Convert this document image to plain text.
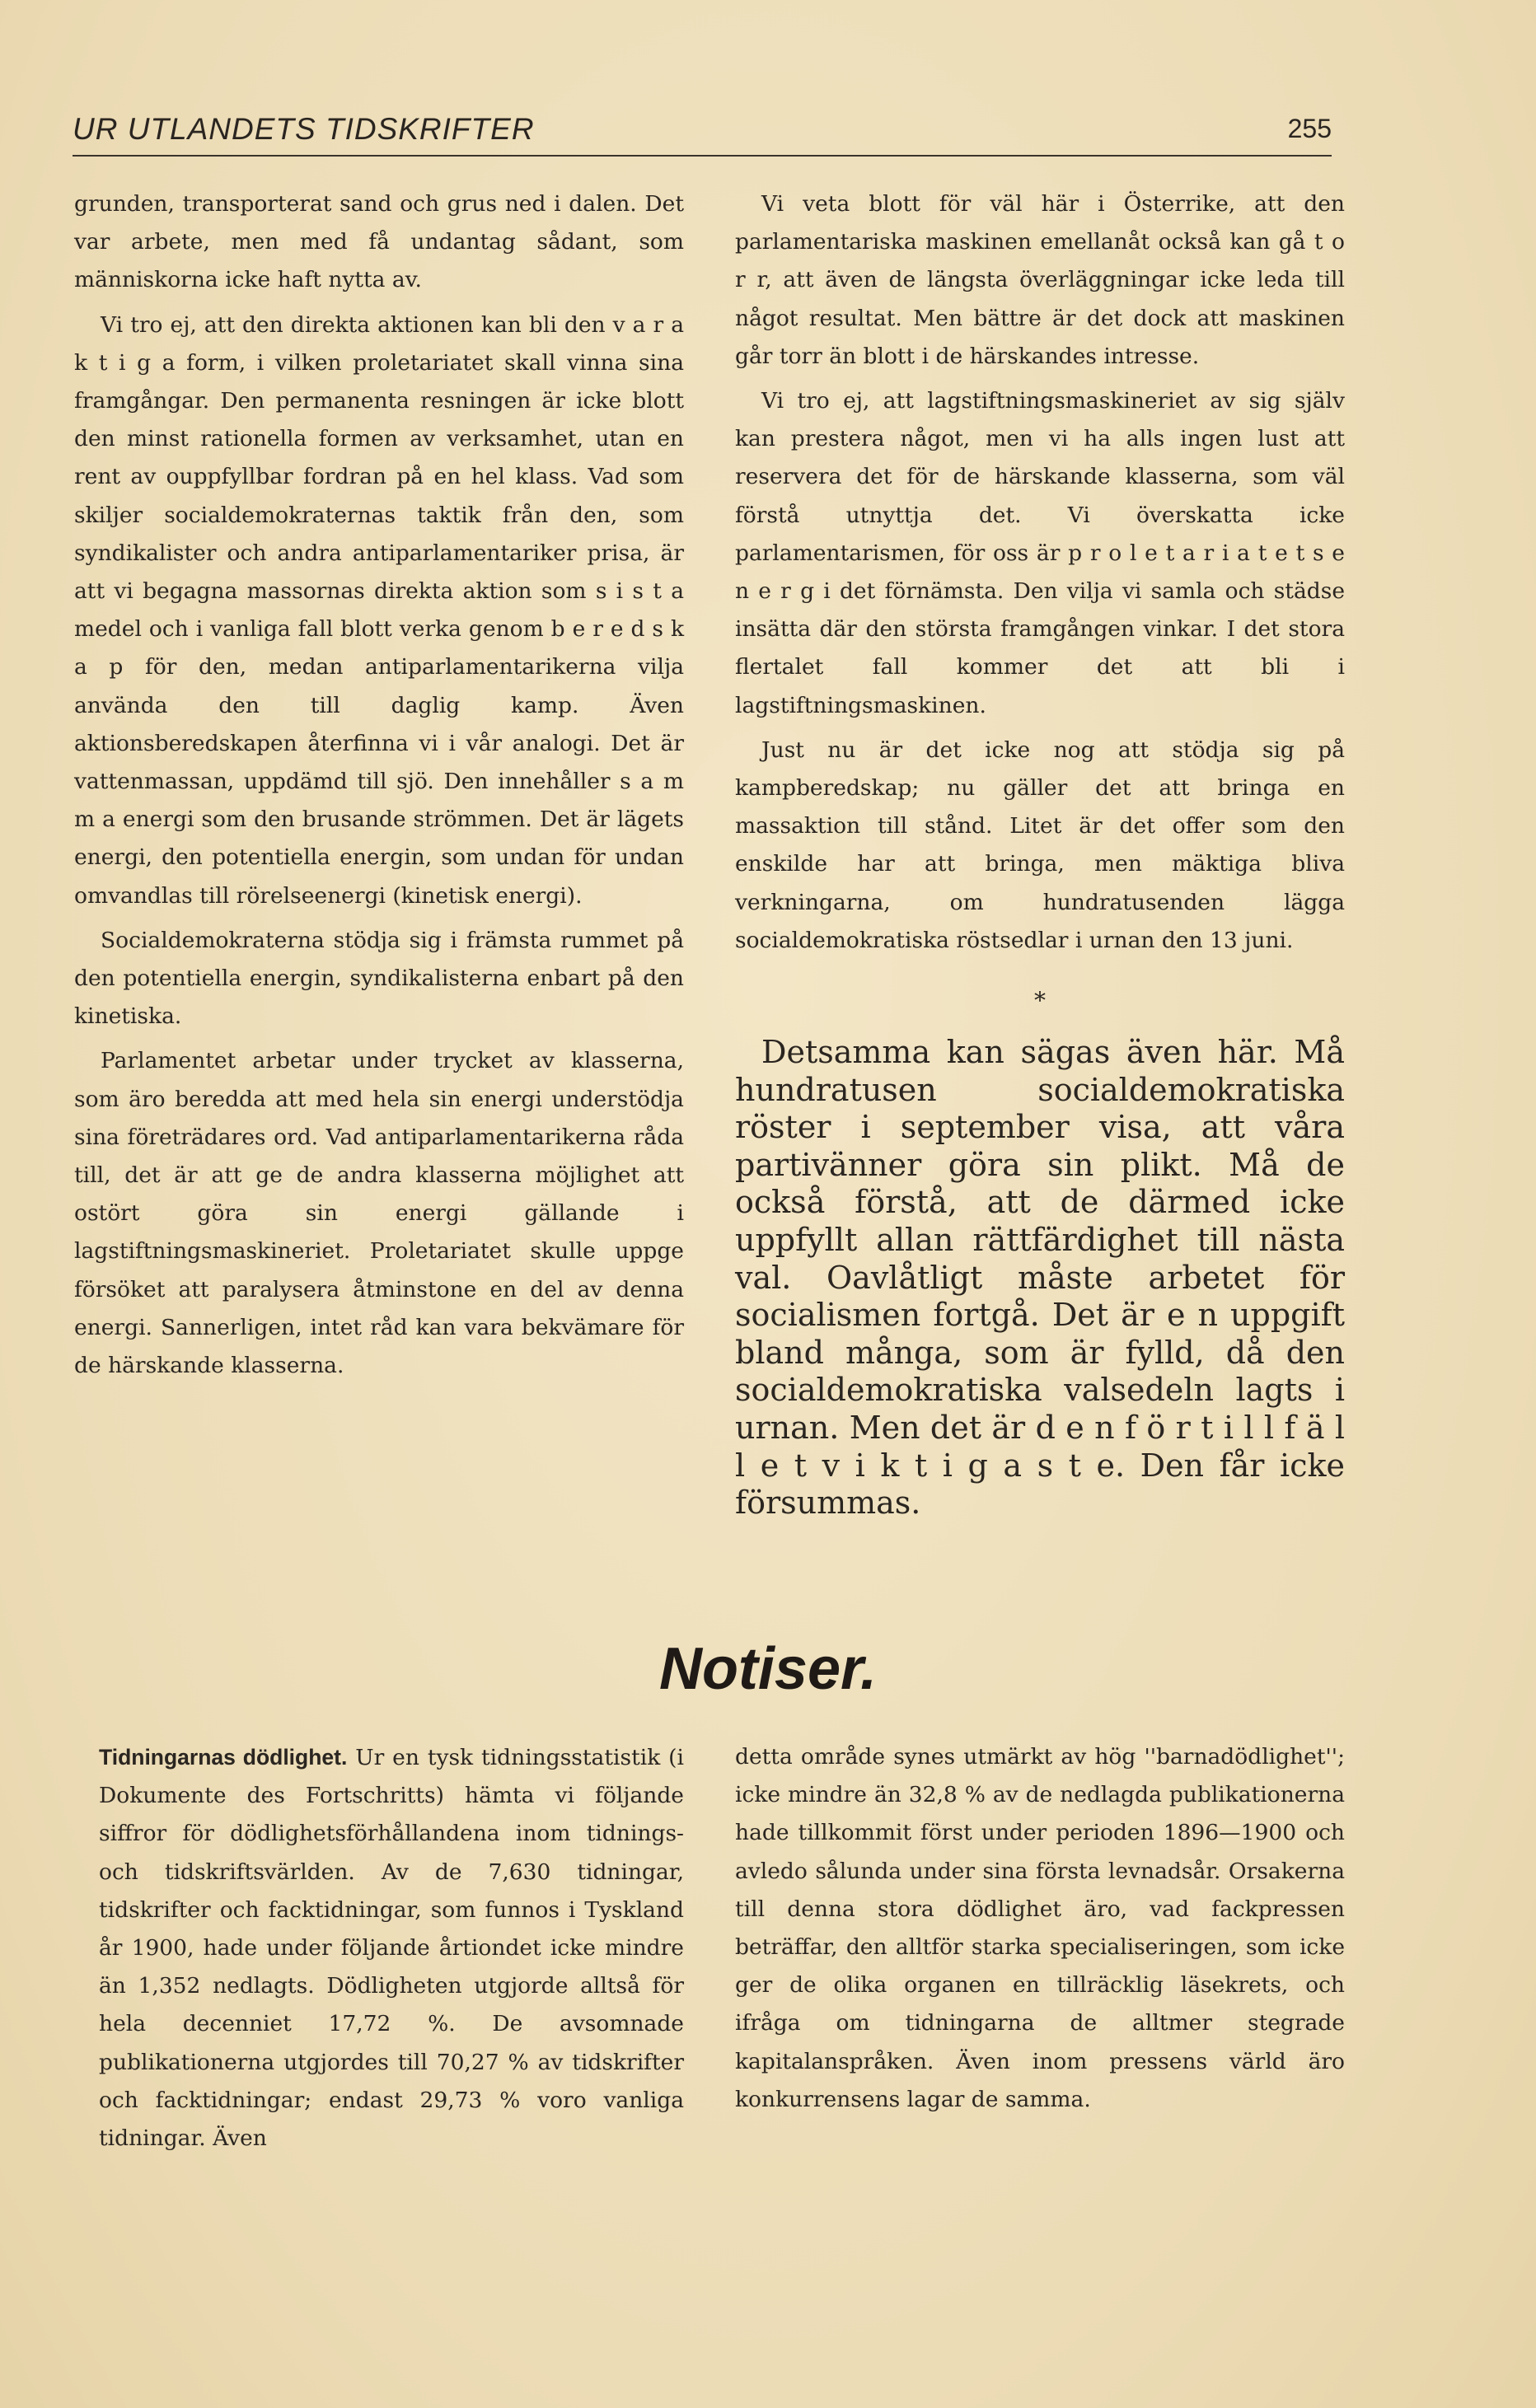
UR UTLANDETS TIDSKRIFTER	255

grunden, transporterat sand och grus ned i dalen. Det var arbete, men med få undantag sådant, som människorna icke haft nytta av.

Vi tro ej, att den direkta aktionen kan bli den v a r a k t i g a form, i vilken proletariatet skall vinna sina framgångar. Den permanenta resningen är icke blott den minst rationella formen av verksamhet, utan en rent av ouppfyllbar fordran på en hel klass. Vad som skiljer socialdemokraternas taktik från den, som syndikalister och andra antiparlamentariker prisa, är att vi begagna massornas direkta aktion som s i s t a medel och i vanliga fall blott verka genom b e r e d s k a p för den, medan antiparlamentarikerna vilja använda den till daglig kamp. Även aktionsberedskapen återfinna vi i vår analogi. Det är vattenmassan, uppdämd till sjö. Den innehåller s a m m a energi som den brusande strömmen. Det är lägets energi, den potentiella energin, som undan för undan omvandlas till rörelseenergi (kinetisk energi).

Socialdemokraterna stödja sig i främsta rummet på den potentiella energin, syndikalisterna enbart på den kinetiska.

Parlamentet arbetar under trycket av klasserna, som äro beredda att med hela sin energi understödja sina företrädares ord. Vad antiparlamentarikerna råda till, det är att ge de andra klasserna möjlighet att ostört göra sin energi gällande i lagstiftningsmaskineriet. Proletariatet skulle uppge försöket att paralysera åtminstone en del av denna energi. Sannerligen, intet råd kan vara bekvämare för de härskande klasserna.

Vi veta blott för väl här i Österrike, att den parlamentariska maskinen emellanåt också kan gå t o r r, att även de längsta överläggningar icke leda till något resultat. Men bättre är det dock att maskinen går torr än blott i de härskandes intresse.

Vi tro ej, att lagstiftningsmaskineriet av sig själv kan prestera något, men vi ha alls ingen lust att reservera det för de härskande klasserna, som väl förstå utnyttja det. Vi överskatta icke parlamentarismen, för oss är p r o l e t a r i a t e t s e n e r g i det förnämsta. Den vilja vi samla och städse insätta där den största framgången vinkar. I det stora flertalet fall kommer det att bli i lagstiftningsmaskinen.

Just nu är det icke nog att stödja sig på kampberedskap; nu gäller det att bringa en massaktion till stånd. Litet är det offer som den enskilde har att bringa, men mäktiga bliva verkningarna, om hundratusenden lägga socialdemokratiska röstsedlar i urnan den 13 juni.

*

Detsamma kan sägas även här. Må hundratusen socialdemokratiska röster i september visa, att våra partivänner göra sin plikt. Må de också förstå, att de därmed icke uppfyllt allan rättfärdighet till nästa val. Oavlåtligt måste arbetet för socialismen fortgå. Det är e n uppgift bland många, som är fylld, då den socialdemokratiska valsedeln lagts i urnan. Men det är d e n f ö r t i l l f ä l l e t v i k t i g a s t e. Den får icke försummas.

Notiser.

Tidningarnas dödlighet. Ur en tysk tidningsstatistik (i Dokumente des Fortschritts) hämta vi följande siffror för dödlighetsförhållandena inom tidnings- och tidskriftsvärlden. Av de 7,630 tidningar, tidskrifter och facktidningar, som funnos i Tyskland år 1900, hade under följande årtiondet icke mindre än 1,352 nedlagts. Dödligheten utgjorde alltså för hela decenniet 17,72 %. De avsomnade publikationerna utgjordes till 70,27 % av tidskrifter och facktidningar; endast 29,73 % voro vanliga tidningar. Även

detta område synes utmärkt av hög ''barnadödlighet''; icke mindre än 32,8 % av de nedlagda publikationerna hade tillkommit först under perioden 1896—1900 och avledo sålunda under sina första levnadsår. Orsakerna till denna stora dödlighet äro, vad fackpressen beträffar, den alltför starka specialiseringen, som icke ger de olika organen en tillräcklig läsekrets, och ifråga om tidningarna de alltmer stegrade kapitalanspråken. Även inom pressens värld äro konkurrensens lagar de samma.
